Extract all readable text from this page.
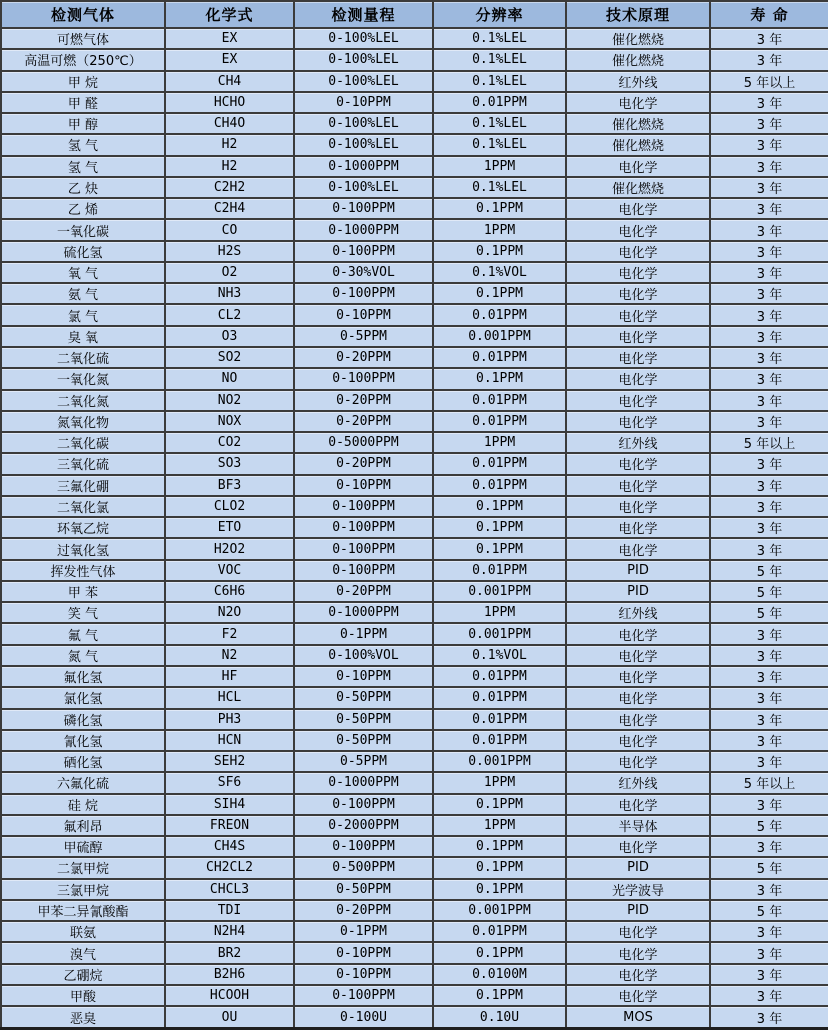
检测气体	化学式	检测量程	分辨率	技术原理	寿 命
可燃气体	EX	0-100%LEL	0.1%LEL	催化燃烧	3 年
高温可燃（250℃）	EX	0-100%LEL	0.1%LEL	催化燃烧	3 年
甲 烷	CH4	0-100%LEL	0.1%LEL	红外线	5 年以上
甲 醛	HCHO	0-10PPM	0.01PPM	电化学	3 年
甲 醇	CH4O	0-100%LEL	0.1%LEL	催化燃烧	3 年
氢 气	H2	0-100%LEL	0.1%LEL	催化燃烧	3 年
氢 气	H2	0-1000PPM	1PPM	电化学	3 年
乙 炔	C2H2	0-100%LEL	0.1%LEL	催化燃烧	3 年
乙 烯	C2H4	0-100PPM	0.1PPM	电化学	3 年
一氧化碳	CO	0-1000PPM	1PPM	电化学	3 年
硫化氢	H2S	0-100PPM	0.1PPM	电化学	3 年
氧 气	O2	0-30%VOL	0.1%VOL	电化学	3 年
氨 气	NH3	0-100PPM	0.1PPM	电化学	3 年
氯 气	CL2	0-10PPM	0.01PPM	电化学	3 年
臭 氧	O3	0-5PPM	0.001PPM	电化学	3 年
二氧化硫	SO2	0-20PPM	0.01PPM	电化学	3 年
一氧化氮	NO	0-100PPM	0.1PPM	电化学	3 年
二氧化氮	NO2	0-20PPM	0.01PPM	电化学	3 年
氮氧化物	NOX	0-20PPM	0.01PPM	电化学	3 年
二氧化碳	CO2	0-5000PPM	1PPM	红外线	5 年以上
三氧化硫	SO3	0-20PPM	0.01PPM	电化学	3 年
三氟化硼	BF3	0-10PPM	0.01PPM	电化学	3 年
二氧化氯	CLO2	0-100PPM	0.1PPM	电化学	3 年
环氧乙烷	ETO	0-100PPM	0.1PPM	电化学	3 年
过氧化氢	H2O2	0-100PPM	0.1PPM	电化学	3 年
挥发性气体	VOC	0-100PPM	0.01PPM	PID	5 年
甲 苯	C6H6	0-20PPM	0.001PPM	PID	5 年
笑 气	N2O	0-1000PPM	1PPM	红外线	5 年
氟 气	F2	0-1PPM	0.001PPM	电化学	3 年
氮 气	N2	0-100%VOL	0.1%VOL	电化学	3 年
氟化氢	HF	0-10PPM	0.01PPM	电化学	3 年
氯化氢	HCL	0-50PPM	0.01PPM	电化学	3 年
磷化氢	PH3	0-50PPM	0.01PPM	电化学	3 年
氰化氢	HCN	0-50PPM	0.01PPM	电化学	3 年
硒化氢	SEH2	0-5PPM	0.001PPM	电化学	3 年
六氟化硫	SF6	0-1000PPM	1PPM	红外线	5 年以上
硅 烷	SIH4	0-100PPM	0.1PPM	电化学	3 年
氟利昂	FREON	0-2000PPM	1PPM	半导体	5 年
甲硫醇	CH4S	0-100PPM	0.1PPM	电化学	3 年
二氯甲烷	CH2CL2	0-500PPM	0.1PPM	PID	5 年
三氯甲烷	CHCL3	0-50PPM	0.1PPM	光学波导	3 年
甲苯二异氰酸酯	TDI	0-20PPM	0.001PPM	PID	5 年
联氨	N2H4	0-1PPM	0.01PPM	电化学	3 年
溴气	BR2	0-10PPM	0.1PPM	电化学	3 年
乙硼烷	B2H6	0-10PPM	0.0100M	电化学	3 年
甲酸	HCOOH	0-100PPM	0.1PPM	电化学	3 年
恶臭	OU	0-100U	0.10U	MOS	3 年
